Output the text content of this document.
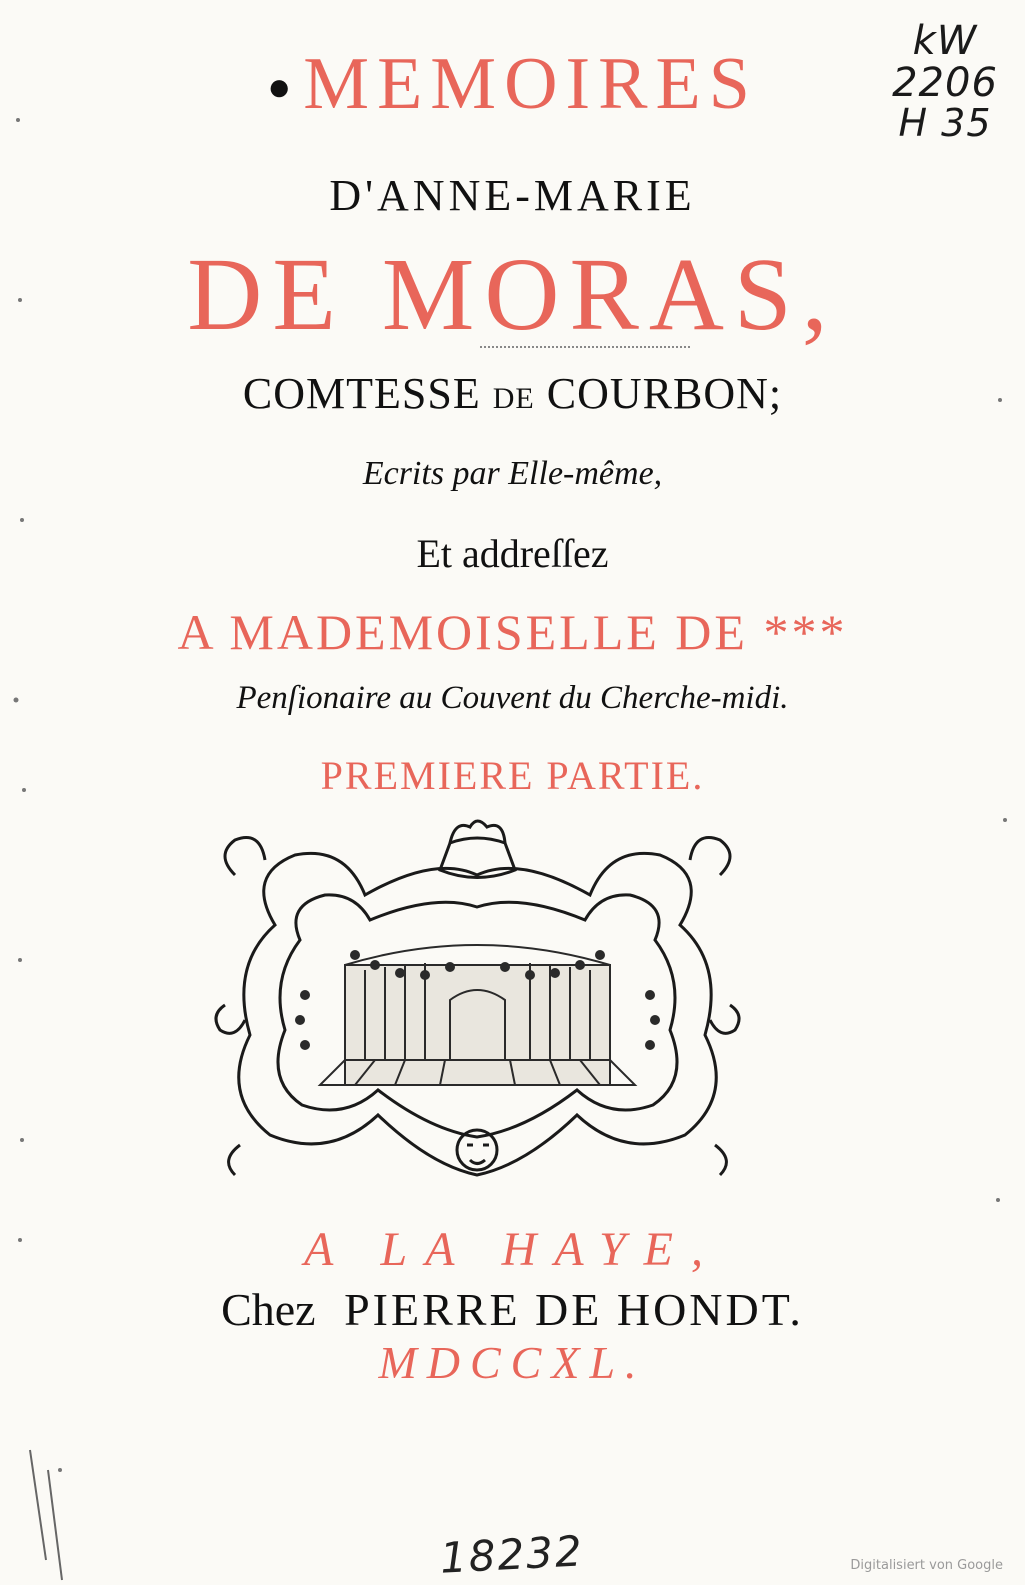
kW
2206
H 35
●MEMOIRES
D'ANNE-MARIE
DE MORAS,
COMTESSE DE COURBON;
Ecrits par Elle-même,
Et addreſſez
A MADEMOISELLE DE ***
Penſionaire au Couvent du Cherche-midi.
PREMIERE PARTIE.
A LA HAYE,
Chez PIERRE DE HONDT.
MDCCXL.
18232	Digitalisiert von Google
